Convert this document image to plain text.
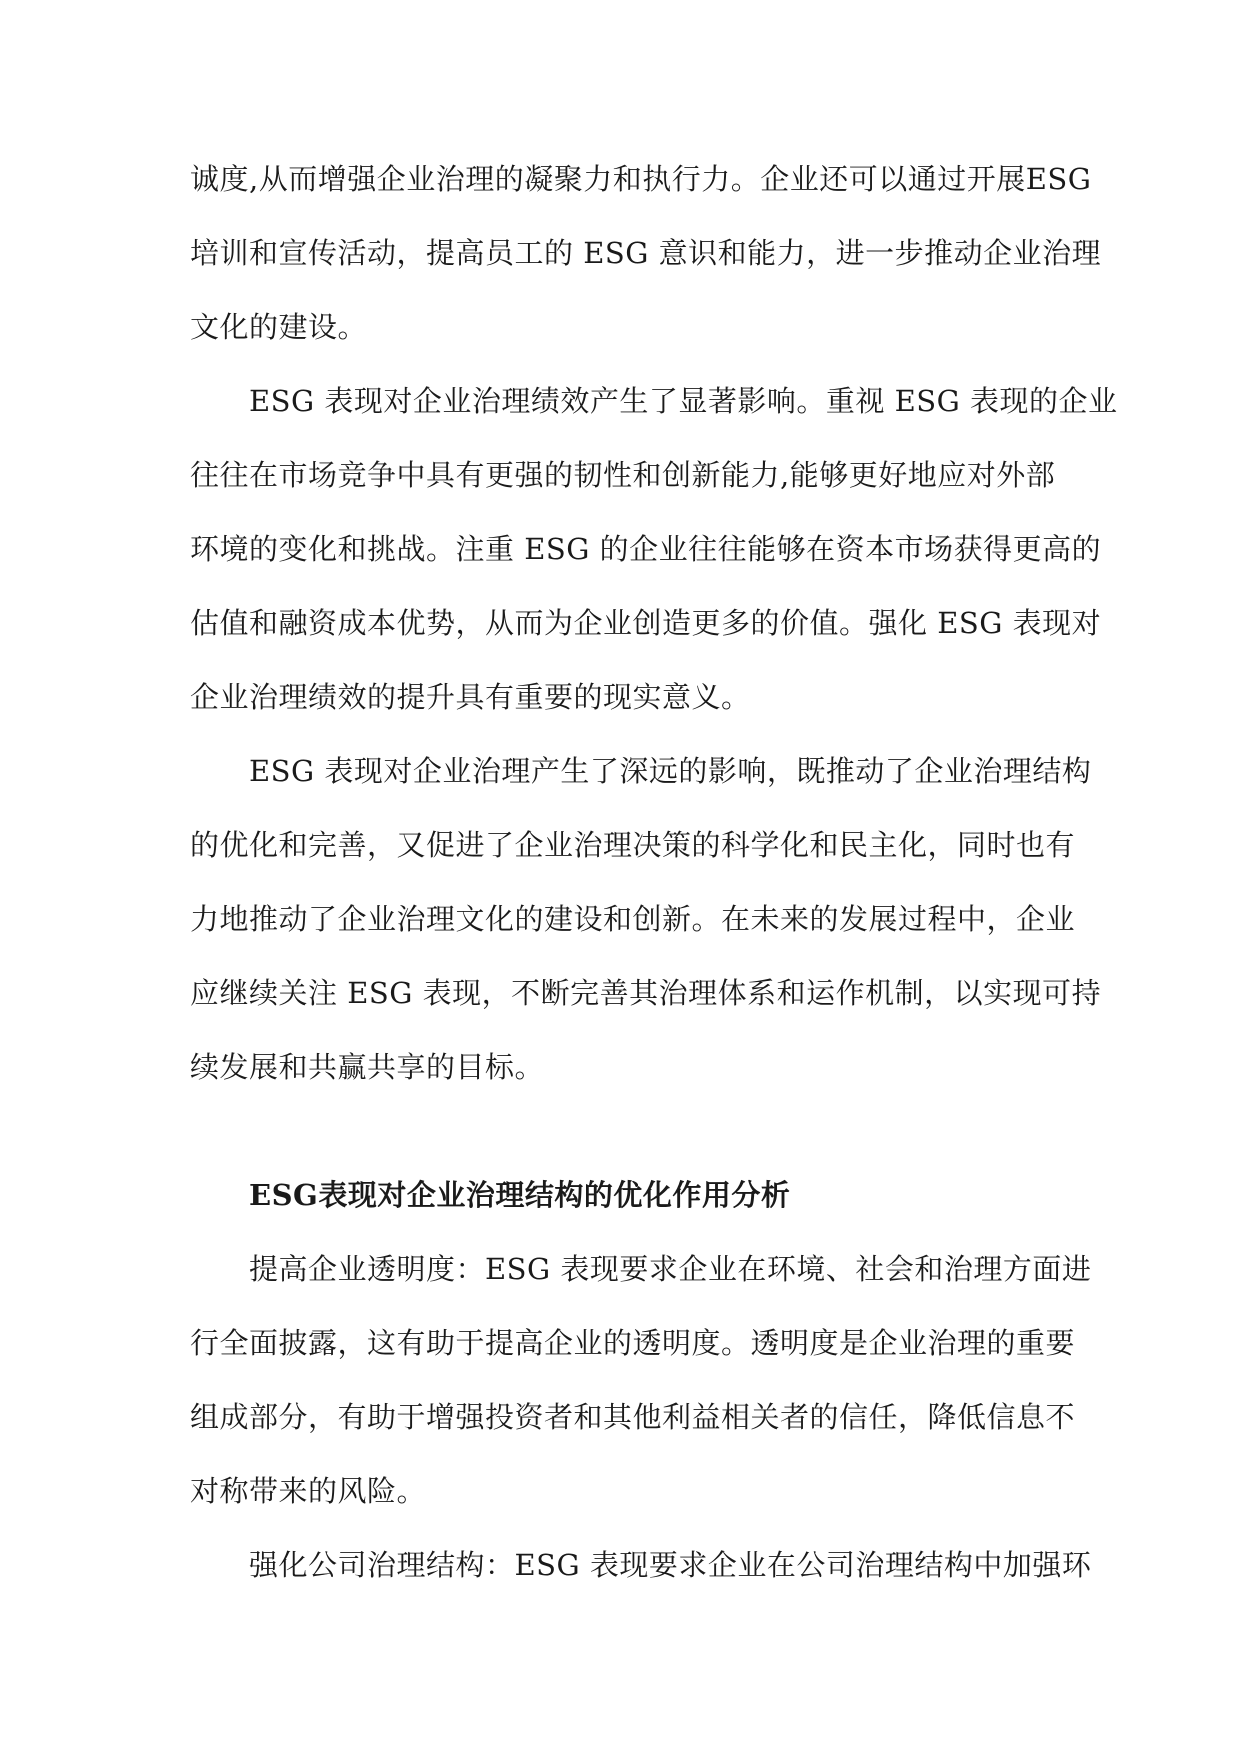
诚度,从而增强企业治理的凝聚力和执行力。企业还可以通过开展ESG
培训和宣传活动，提高员工的 ESG 意识和能力，进一步推动企业治理
文化的建设。
ESG 表现对企业治理绩效产生了显著影响。重视 ESG 表现的企业
往往在市场竞争中具有更强的韧性和创新能力,能够更好地应对外部
环境的变化和挑战。注重 ESG 的企业往往能够在资本市场获得更高的
估值和融资成本优势，从而为企业创造更多的价值。强化 ESG 表现对
企业治理绩效的提升具有重要的现实意义。
ESG 表现对企业治理产生了深远的影响，既推动了企业治理结构
的优化和完善，又促进了企业治理决策的科学化和民主化，同时也有
力地推动了企业治理文化的建设和创新。在未来的发展过程中，企业
应继续关注 ESG 表现，不断完善其治理体系和运作机制，以实现可持
续发展和共赢共享的目标。
ESG表现对企业治理结构的优化作用分析
提高企业透明度：ESG 表现要求企业在环境、社会和治理方面进
行全面披露，这有助于提高企业的透明度。透明度是企业治理的重要
组成部分，有助于增强投资者和其他利益相关者的信任，降低信息不
对称带来的风险。
强化公司治理结构：ESG 表现要求企业在公司治理结构中加强环
